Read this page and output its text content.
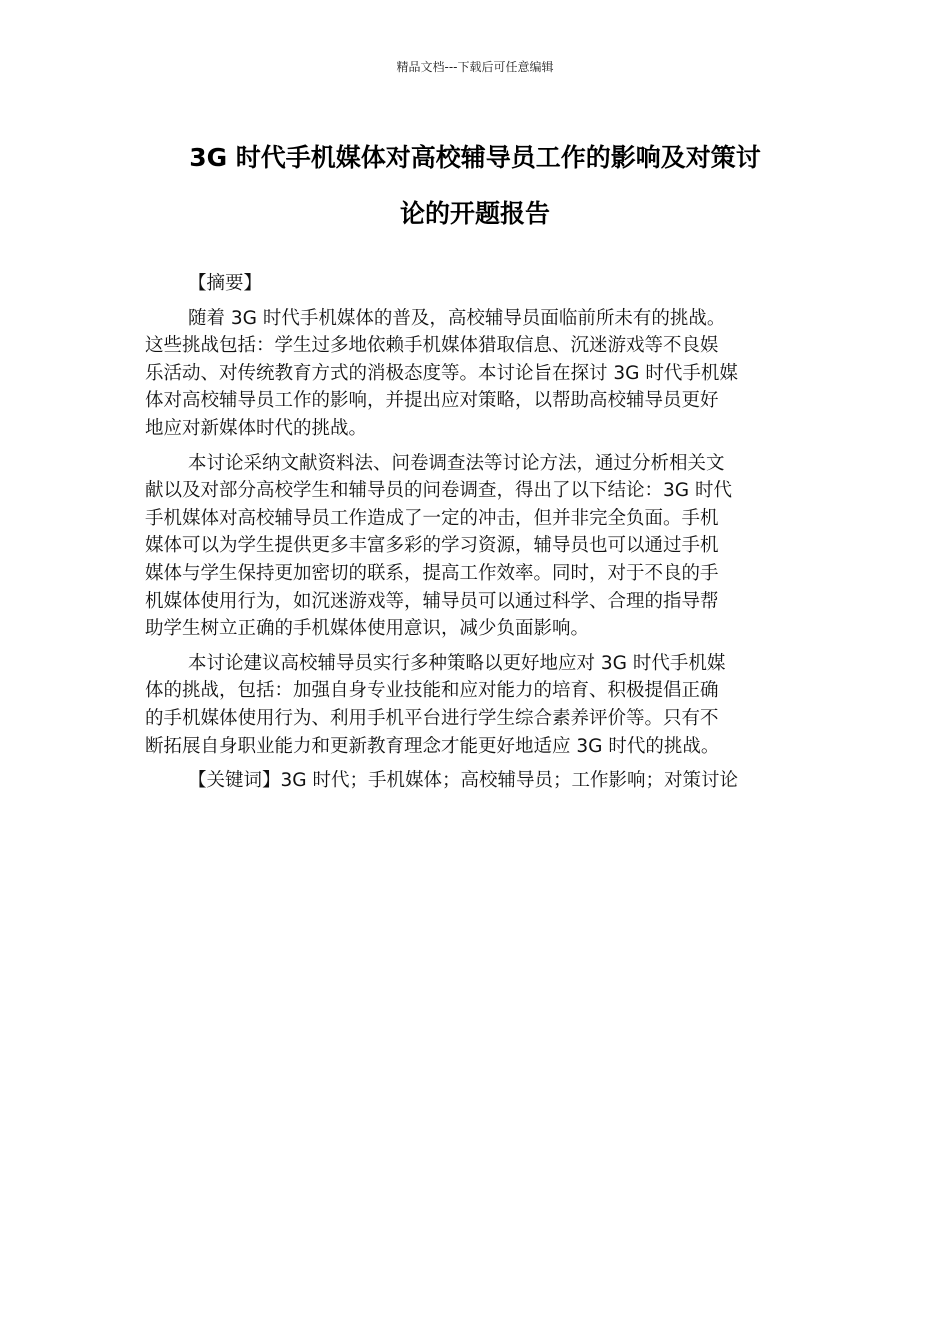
精品文档---下载后可任意编辑
3G 时代手机媒体对高校辅导员工作的影响及对策讨
论的开题报告
【摘要】
随着 3G 时代手机媒体的普及，高校辅导员面临前所未有的挑战。
这些挑战包括：学生过多地依赖手机媒体猎取信息、沉迷游戏等不良娱
乐活动、对传统教育方式的消极态度等。本讨论旨在探讨 3G 时代手机媒
体对高校辅导员工作的影响，并提出应对策略，以帮助高校辅导员更好
地应对新媒体时代的挑战。
本讨论采纳文献资料法、问卷调查法等讨论方法，通过分析相关文
献以及对部分高校学生和辅导员的问卷调查，得出了以下结论：3G 时代
手机媒体对高校辅导员工作造成了一定的冲击，但并非完全负面。手机
媒体可以为学生提供更多丰富多彩的学习资源，辅导员也可以通过手机
媒体与学生保持更加密切的联系，提高工作效率。同时，对于不良的手
机媒体使用行为，如沉迷游戏等，辅导员可以通过科学、合理的指导帮
助学生树立正确的手机媒体使用意识，减少负面影响。
本讨论建议高校辅导员实行多种策略以更好地应对 3G 时代手机媒
体的挑战，包括：加强自身专业技能和应对能力的培育、积极提倡正确
的手机媒体使用行为、利用手机平台进行学生综合素养评价等。只有不
断拓展自身职业能力和更新教育理念才能更好地适应 3G 时代的挑战。
【关键词】3G 时代；手机媒体；高校辅导员；工作影响；对策讨论
